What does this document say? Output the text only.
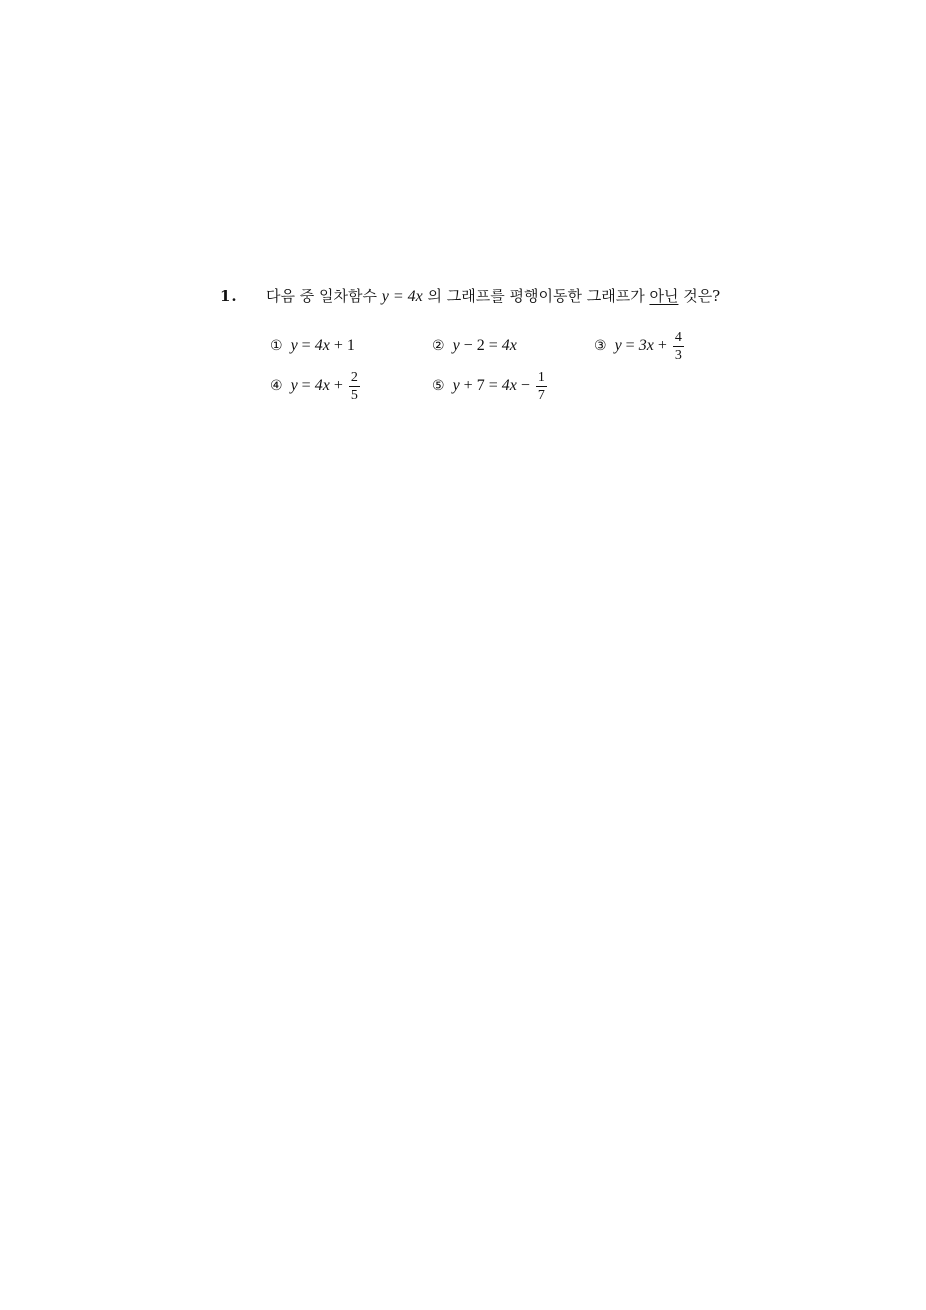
1. 다음 중 일차함수 y = 4x 의 그래프를 평행이동한 그래프가 아닌 것은?
① y = 4x + 1	② y − 2 = 4x	③ $y = 3x + \frac{4}{3}$
④ $y = 4x + \frac{2}{5}$	⑤ $y + 7 = 4x - \frac{1}{7}$
